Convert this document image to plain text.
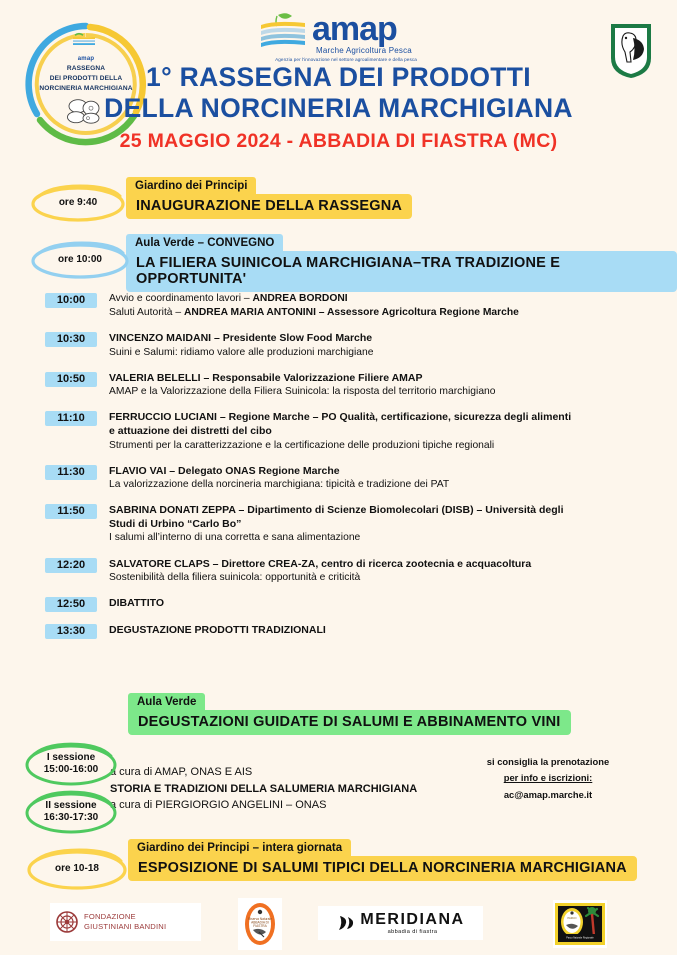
amap
RASSEGNA
DEI PRODOTTI DELLA
NORCINERIA MARCHIGIANA
amap
Marche Agricoltura Pesca
Agenzia per l'innovazione nel settore agroalimentare e della pesca
1° RASSEGNA DEI PRODOTTI
DELLA NORCINERIA MARCHIGIANA
25 MAGGIO 2024 - ABBADIA DI FIASTRA (MC)
ore 9:40
Giardino dei Principi
INAUGURAZIONE DELLA RASSEGNA
ore 10:00
Aula Verde – CONVEGNO
LA FILIERA SUINICOLA MARCHIGIANA–TRA TRADIZIONE E OPPORTUNITA'
10:00	Avvio e coordinamento lavori – ANDREA BORDONI
Saluti Autorità – ANDREA MARIA ANTONINI – Assessore Agricoltura Regione Marche
10:30	VINCENZO MAIDANI – Presidente Slow Food Marche
Suini e Salumi: ridiamo valore alle produzioni marchigiane
10:50	VALERIA BELELLI – Responsabile Valorizzazione Filiere AMAP
AMAP e la Valorizzazione della Filiera Suinicola: la risposta del territorio marchigiano
11:10	FERRUCCIO LUCIANI – Regione Marche – PO Qualità, certificazione, sicurezza degli alimenti
e attuazione dei distretti del cibo
Strumenti per la caratterizzazione e la certificazione delle produzioni tipiche regionali
11:30	FLAVIO VAI – Delegato ONAS Regione Marche
La valorizzazione della norcineria marchigiana: tipicità e tradizione dei PAT
11:50	SABRINA DONATI ZEPPA – Dipartimento di Scienze Biomolecolari (DISB) – Università degli
Studi di Urbino “Carlo Bo”
I salumi all’interno di una corretta e sana alimentazione
12:20	SALVATORE CLAPS – Direttore CREA-ZA, centro di ricerca zootecnia e acquacoltura
Sostenibilità della filiera suinicola: opportunità e criticità
12:50	DIBATTITO
13:30	DEGUSTAZIONE PRODOTTI TRADIZIONALI
Aula Verde
DEGUSTAZIONI GUIDATE DI SALUMI E ABBINAMENTO VINI
I sessione
15:00-16:00
II sessione
16:30-17:30
a cura di AMAP, ONAS E AIS
STORIA E TRADIZIONI DELLA SALUMERIA MARCHIGIANA
a cura di PIERGIORGIO ANGELINI – ONAS
si consiglia la prenotazione
per info e iscrizioni:
ac@amap.marche.it
ore 10-18
Giardino dei Principi – intera giornata
ESPOSIZIONE DI SALUMI TIPICI DELLA NORCINERIA MARCHIGIANA
FONDAZIONE
GIUSTINIANI BANDINI
Riserva Naturale
ABBADIA DI
FIASTRA	MERIDIANA
abbadia di fiastra
PARCO
Parco Naturale Regionale
